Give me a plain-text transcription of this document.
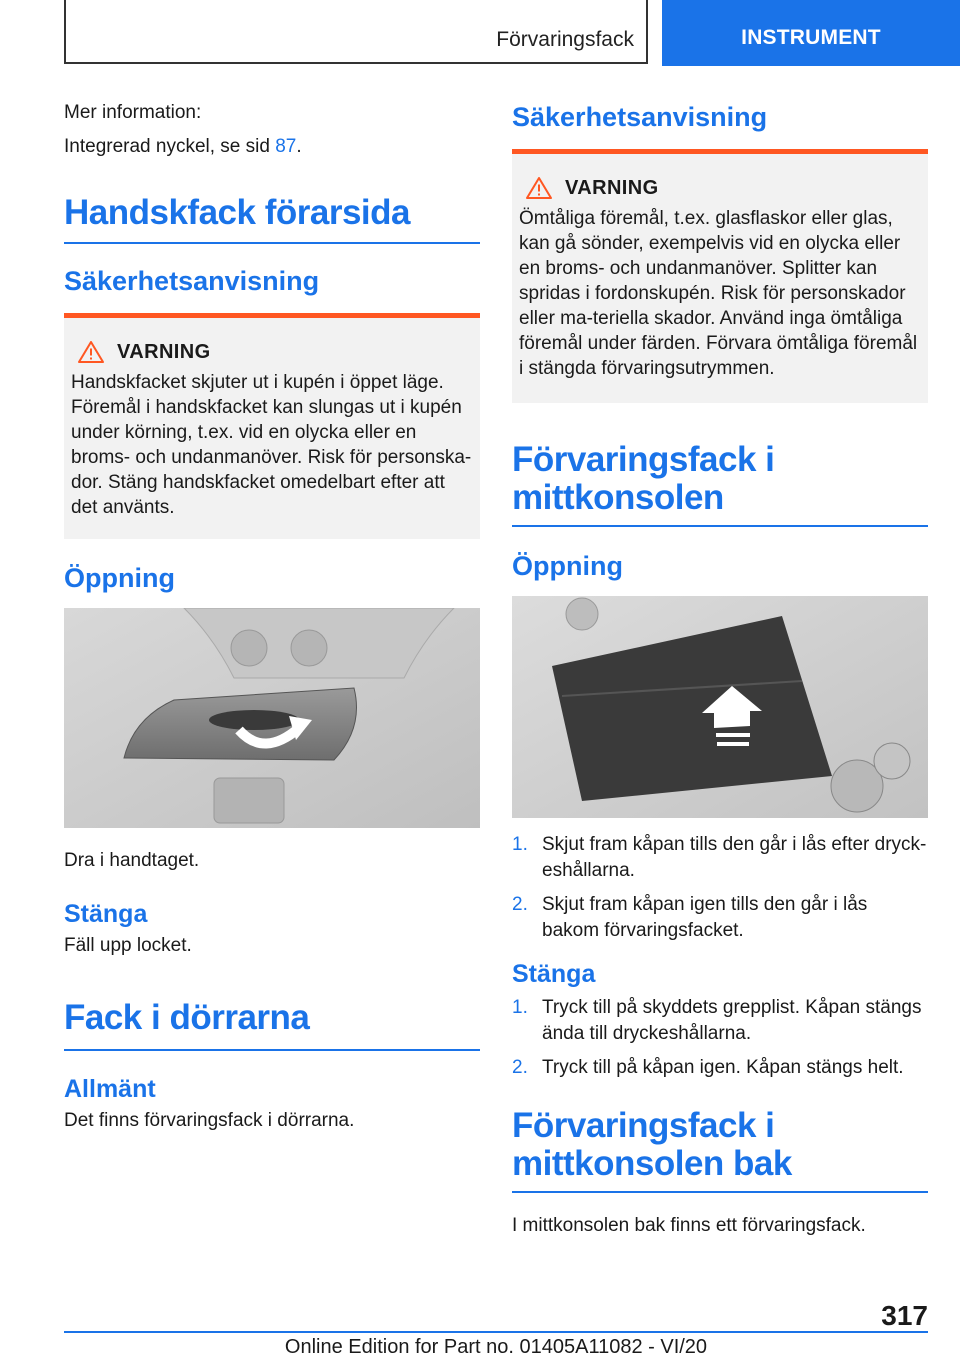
Förvaringsfack	INSTRUMENT

Mer information:

Integrerad nyckel, se sid 87.

Handskfack förarsida
Säkerhetsanvisning
VARNING
Handskfacket skjuter ut i kupén i öppet läge. Föremål i handskfacket kan slungas ut i kupén under körning, t.ex. vid en olycka eller en broms- och undanmanöver. Risk för personska-dor. Stäng handskfacket omedelbart efter att det använts.
Öppning

Dra i handtaget.

Stänga

Fäll upp locket.

Fack i dörrarna
Allmänt

Det finns förvaringsfack i dörrarna.

Säkerhetsanvisning
VARNING
Ömtåliga föremål, t.ex. glasflaskor eller glas, kan gå sönder, exempelvis vid en olycka eller en broms- och undanmanöver. Splitter kan spridas i fordonskupén. Risk för personskador eller ma-teriella skador. Använd inga ömtåliga föremål under färden. Förvara ömtåliga föremål i stängda förvaringsutrymmen.
Förvaringsfack i mittkonsolen
Öppning
1. Skjut fram kåpan tills den går i lås efter dryck-eshållarna.
2. Skjut fram kåpan igen tills den går i lås bakom förvaringsfacket.
Stänga
1. Tryck till på skyddets grepplist. Kåpan stängs ända till dryckeshållarna.
2. Tryck till på kåpan igen. Kåpan stängs helt.
Förvaringsfack i mittkonsolen bak

I mittkonsolen bak finns ett förvaringsfack.

317
Online Edition for Part no. 01405A11082 - VI/20
